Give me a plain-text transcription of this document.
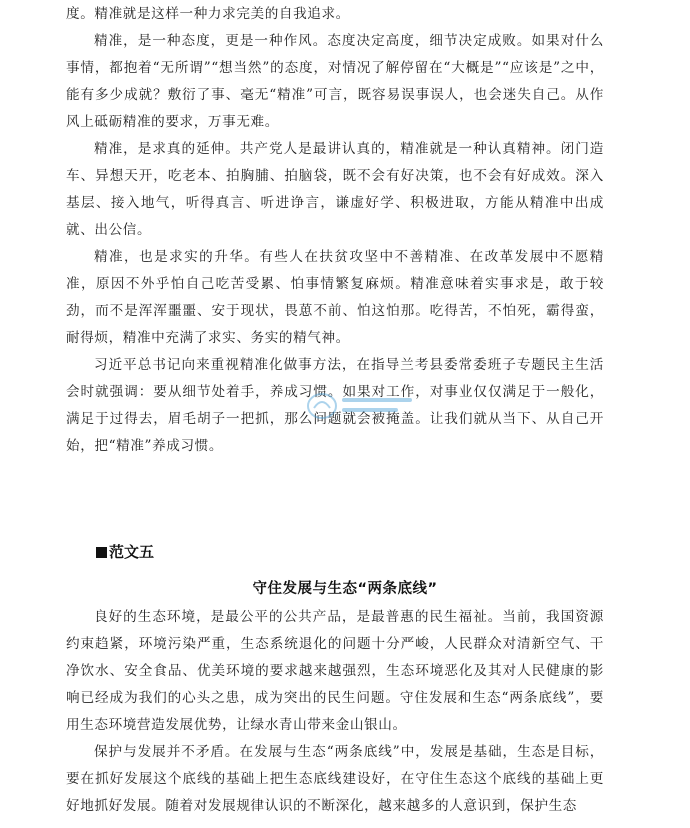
度。精准就是这样一种力求完美的自我追求。

精准，是一种态度，更是一种作风。态度决定高度，细节决定成败。如果对什么事情，都抱着“无所谓”“想当然”的态度，对情况了解停留在“大概是”“应该是”之中，能有多少成就？敷衍了事、毫无“精准”可言，既容易误事误人，也会迷失自己。从作风上砥砺精准的要求，万事无难。

精准，是求真的延伸。共产党人是最讲认真的，精准就是一种认真精神。闭门造车、异想天开，吃老本、拍胸脯、拍脑袋，既不会有好决策，也不会有好成效。深入基层、接入地气，听得真言、听进诤言，谦虚好学、积极进取，方能从精准中出成就、出公信。

精准，也是求实的升华。有些人在扶贫攻坚中不善精准、在改革发展中不愿精准，原因不外乎怕自己吃苦受累、怕事情繁复麻烦。精准意味着实事求是，敢于较劲，而不是浑浑噩噩、安于现状，畏葸不前、怕这怕那。吃得苦，不怕死，霸得蛮，耐得烦，精准中充满了求实、务实的精气神。

习近平总书记向来重视精准化做事方法，在指导兰考县委常委班子专题民主生活会时就强调：要从细节处着手，养成习惯。如果对工作，对事业仅仅满足于一般化，满足于过得去，眉毛胡子一把抓，那么问题就会被掩盖。让我们就从当下、从自己开始，把“精准”养成习惯。

范文五
守住发展与生态“两条底线”

良好的生态环境，是最公平的公共产品，是最普惠的民生福祉。当前，我国资源约束趋紧，环境污染严重，生态系统退化的问题十分严峻，人民群众对清新空气、干净饮水、安全食品、优美环境的要求越来越强烈，生态环境恶化及其对人民健康的影响已经成为我们的心头之患，成为突出的民生问题。守住发展和生态“两条底线”，要用生态环境营造发展优势，让绿水青山带来金山银山。

保护与发展并不矛盾。在发展与生态“两条底线”中，发展是基础，生态是目标，要在抓好发展这个底线的基础上把生态底线建设好，在守住生态这个底线的基础上更好地抓好发展。随着对发展规律认识的不断深化，越来越多的人意识到，保护生态
